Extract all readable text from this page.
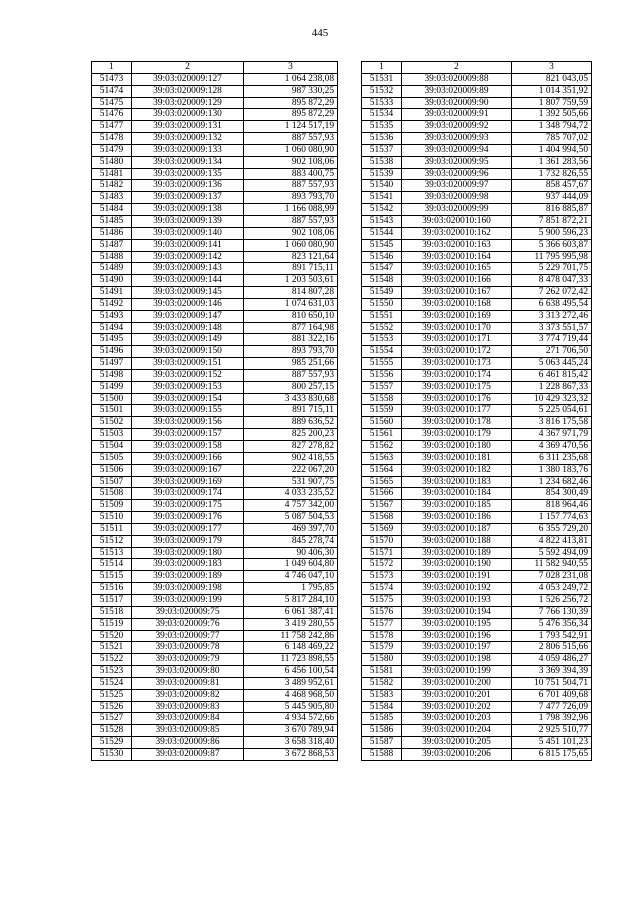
445
1	2	3
51473	39:03:020009:127	1 064 238,08
51474	39:03:020009:128	987 330,25
51475	39:03:020009:129	895 872,29
51476	39:03:020009:130	895 872,29
51477	39:03:020009:131	1 124 517,19
51478	39:03:020009:132	887 557,93
51479	39:03:020009:133	1 060 080,90
51480	39:03:020009:134	902 108,06
51481	39:03:020009:135	883 400,75
51482	39:03:020009:136	887 557,93
51483	39:03:020009:137	893 793,70
51484	39:03:020009:138	1 166 088,99
51485	39:03:020009:139	887 557,93
51486	39:03:020009:140	902 108,06
51487	39:03:020009:141	1 060 080,90
51488	39:03:020009:142	823 121,64
51489	39:03:020009:143	891 715,11
51490	39:03:020009:144	1 203 503,61
51491	39:03:020009:145	814 807,28
51492	39:03:020009:146	1 074 631,03
51493	39:03:020009:147	810 650,10
51494	39:03:020009:148	877 164,98
51495	39:03:020009:149	881 322,16
51496	39:03:020009:150	893 793,70
51497	39:03:020009:151	985 251,66
51498	39:03:020009:152	887 557,93
51499	39:03:020009:153	800 257,15
51500	39:03:020009:154	3 433 830,68
51501	39:03:020009:155	891 715,11
51502	39:03:020009:156	889 636,52
51503	39:03:020009:157	825 200,23
51504	39:03:020009:158	827 278,82
51505	39:03:020009:166	902 418,55
51506	39:03:020009:167	222 067,20
51507	39:03:020009:169	531 907,75
51508	39:03:020009:174	4 033 235,52
51509	39:03:020009:175	4 757 342,00
51510	39:03:020009:176	5 087 504,53
51511	39:03:020009:177	469 397,70
51512	39:03:020009:179	845 278,74
51513	39:03:020009:180	90 406,30
51514	39:03:020009:183	1 049 604,80
51515	39:03:020009:189	4 746 047,10
51516	39:03:020009:198	1 795,85
51517	39:03:020009:199	5 817 284,10
51518	39:03:020009:75	6 061 387,41
51519	39:03:020009:76	3 419 280,55
51520	39:03:020009:77	11 758 242,86
51521	39:03:020009:78	6 148 469,22
51522	39:03:020009:79	11 723 898,55
51523	39:03:020009:80	6 456 100,54
51524	39:03:020009:81	3 489 952,61
51525	39:03:020009:82	4 468 968,50
51526	39:03:020009:83	5 445 905,80
51527	39:03:020009:84	4 934 572,66
51528	39:03:020009:85	3 670 789,94
51529	39:03:020009:86	3 658 318,40
51530	39:03:020009:87	3 672 868,53
1	2	3
51531	39:03:020009:88	821 043,05
51532	39:03:020009:89	1 014 351,92
51533	39:03:020009:90	1 807 759,59
51534	39:03:020009:91	1 392 505,66
51535	39:03:020009:92	1 348 794,72
51536	39:03:020009:93	785 707,02
51537	39:03:020009:94	1 404 994,50
51538	39:03:020009:95	1 361 283,56
51539	39:03:020009:96	1 732 826,55
51540	39:03:020009:97	858 457,67
51541	39:03:020009:98	937 444,09
51542	39:03:020009:99	816 885,87
51543	39:03:020010:160	7 851 872,21
51544	39:03:020010:162	5 900 596,23
51545	39:03:020010:163	5 366 603,87
51546	39:03:020010:164	11 795 995,98
51547	39:03:020010:165	5 229 701,75
51548	39:03:020010:166	8 478 047,33
51549	39:03:020010:167	7 262 072,42
51550	39:03:020010:168	6 638 495,54
51551	39:03:020010:169	3 313 272,46
51552	39:03:020010:170	3 373 551,57
51553	39:03:020010:171	3 774 719,44
51554	39:03:020010:172	271 706,50
51555	39:03:020010:173	5 063 445,24
51556	39:03:020010:174	6 461 815,42
51557	39:03:020010:175	1 228 867,33
51558	39:03:020010:176	10 429 323,32
51559	39:03:020010:177	5 225 054,61
51560	39:03:020010:178	3 816 175,58
51561	39:03:020010:179	4 367 971,79
51562	39:03:020010:180	4 369 470,56
51563	39:03:020010:181	6 311 235,68
51564	39:03:020010:182	1 380 183,76
51565	39:03:020010:183	1 234 682,46
51566	39:03:020010:184	854 300,49
51567	39:03:020010:185	818 964,46
51568	39:03:020010:186	1 157 774,63
51569	39:03:020010:187	6 355 729,20
51570	39:03:020010:188	4 822 413,81
51571	39:03:020010:189	5 592 494,09
51572	39:03:020010:190	11 582 940,55
51573	39:03:020010:191	7 028 231,08
51574	39:03:020010:192	4 053 249,72
51575	39:03:020010:193	1 526 256,72
51576	39:03:020010:194	7 766 130,39
51577	39:03:020010:195	5 476 356,34
51578	39:03:020010:196	1 793 542,91
51579	39:03:020010:197	2 806 515,66
51580	39:03:020010:198	4 059 486,27
51581	39:03:020010:199	3 369 394,39
51582	39:03:020010:200	10 751 504,71
51583	39:03:020010:201	6 701 409,68
51584	39:03:020010:202	7 477 726,09
51585	39:03:020010:203	1 798 392,96
51586	39:03:020010:204	2 925 510,77
51587	39:03:020010:205	5 451 101,23
51588	39:03:020010:206	6 815 175,65
